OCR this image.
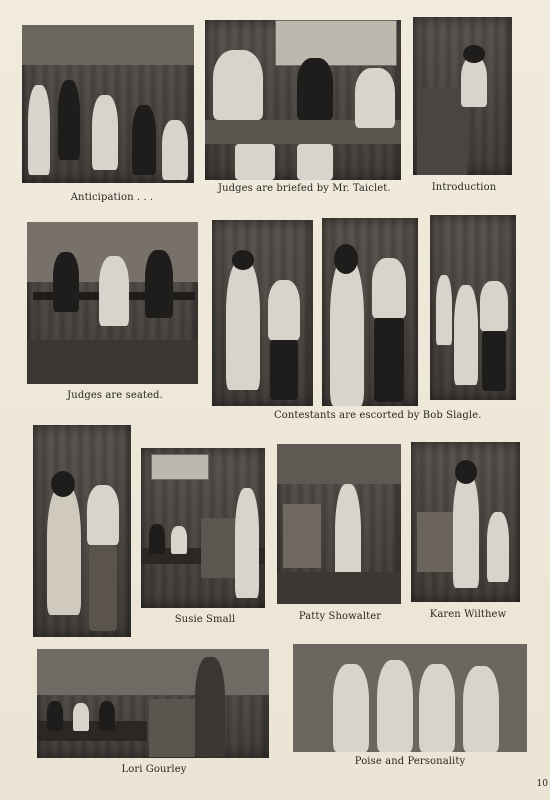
Anticipation . . .
Judges are briefed by Mr. Taiclet.	Introduction
Judges are seated.
Contestants are escorted by Bob Slagle.
Susie Small	Patty Showalter	Karen Wilthew
Lori Gourley
Poise and Personality
10
